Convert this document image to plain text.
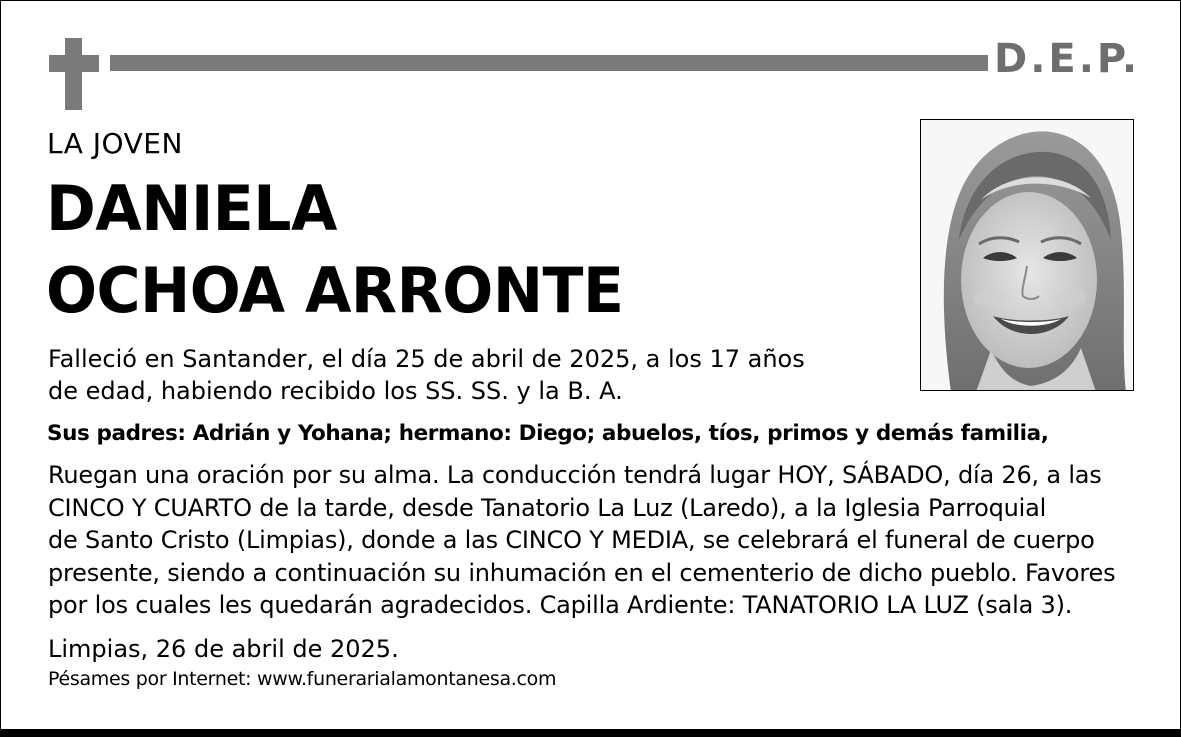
D.E.P.
LA JOVEN
DANIELA
OCHOA ARRONTE
Falleció en Santander, el día 25 de abril de 2025, a los 17 años
de edad, habiendo recibido los SS. SS. y la B. A.
Sus padres: Adrián y Yohana; hermano: Diego; abuelos, tíos, primos y demás familia,
Ruegan una oración por su alma. La conducción tendrá lugar HOY, SÁBADO, día 26, a las
CINCO Y CUARTO de la tarde, desde Tanatorio La Luz (Laredo), a la Iglesia Parroquial
de Santo Cristo (Limpias), donde a las CINCO Y MEDIA, se celebrará el funeral de cuerpo
presente, siendo a continuación su inhumación en el cementerio de dicho pueblo. Favores
por los cuales les quedarán agradecidos. Capilla Ardiente: TANATORIO LA LUZ (sala 3).
Limpias, 26 de abril de 2025.
Pésames por Internet: www.funerarialamontanesa.com
